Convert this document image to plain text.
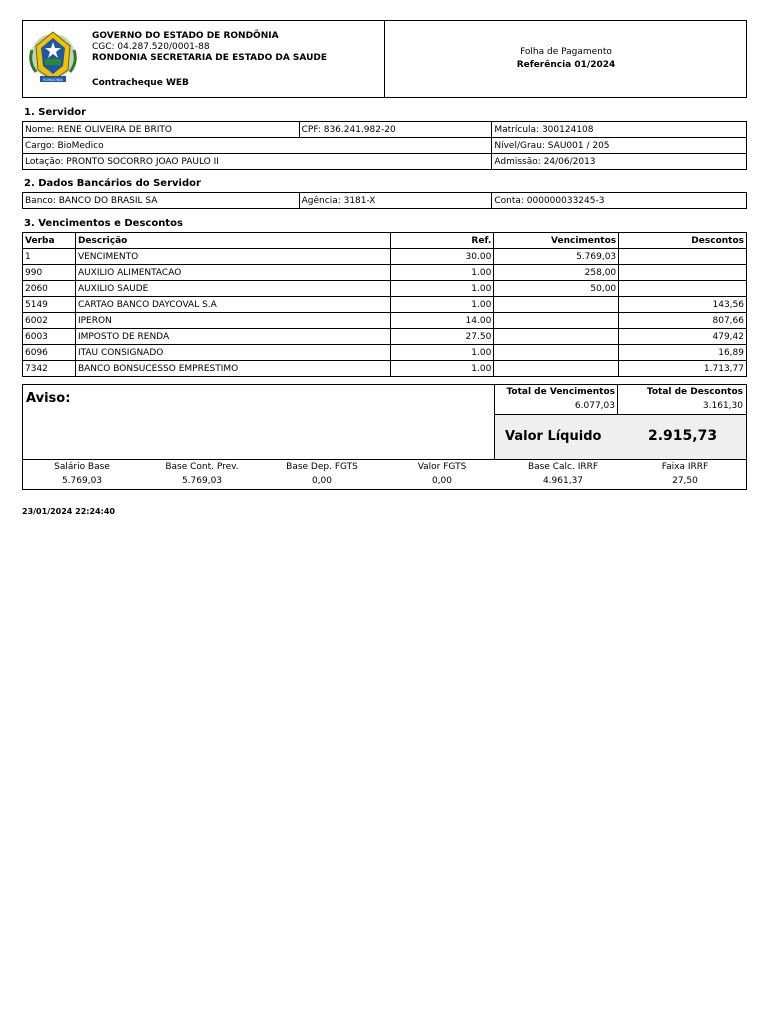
RONDÔNIA
GOVERNO DO ESTADO DE RONDÔNIA
CGC: 04.287.520/0001-88
RONDONIA SECRETARIA DE ESTADO DA SAUDE
Contracheque WEB
Folha de Pagamento
Referência 01/2024
1. Servidor
Nome: RENE OLIVEIRA DE BRITO	CPF: 836.241.982-20	Matrícula: 300124108
Cargo: BioMedico		Nível/Grau: SAU001 / 205
Lotação: PRONTO SOCORRO JOAO PAULO II		Admissão: 24/06/2013
2. Dados Bancários do Servidor
Banco: BANCO DO BRASIL SA	Agência: 3181-X	Conta: 000000033245-3
3. Vencimentos e Descontos
Verba	Descrição	Ref.	Vencimentos	Descontos
1	VENCIMENTO	30.00	5.769,03	
990	AUXILIO ALIMENTACAO	1.00	258,00	
2060	AUXILIO SAUDE	1.00	50,00	
5149	CARTAO BANCO DAYCOVAL S.A	1.00		143,56
6002	IPERON	14.00		807,66
6003	IMPOSTO DE RENDA	27.50		479,42
6096	ITAU CONSIGNADO	1.00		16,89
7342	BANCO BONSUCESSO EMPRESTIMO	1.00		1.713,77
Aviso:	Total de Vencimentos
6.077,03
Total de Descontos
3.161,30
Valor Líquido	2.915,73
Salário Base
5.769,03
Base Cont. Prev.
5.769,03
Base Dep. FGTS
0,00
Valor FGTS
0,00
Base Calc. IRRF
4.961,37
Faixa IRRF
27,50
23/01/2024 22:24:40
